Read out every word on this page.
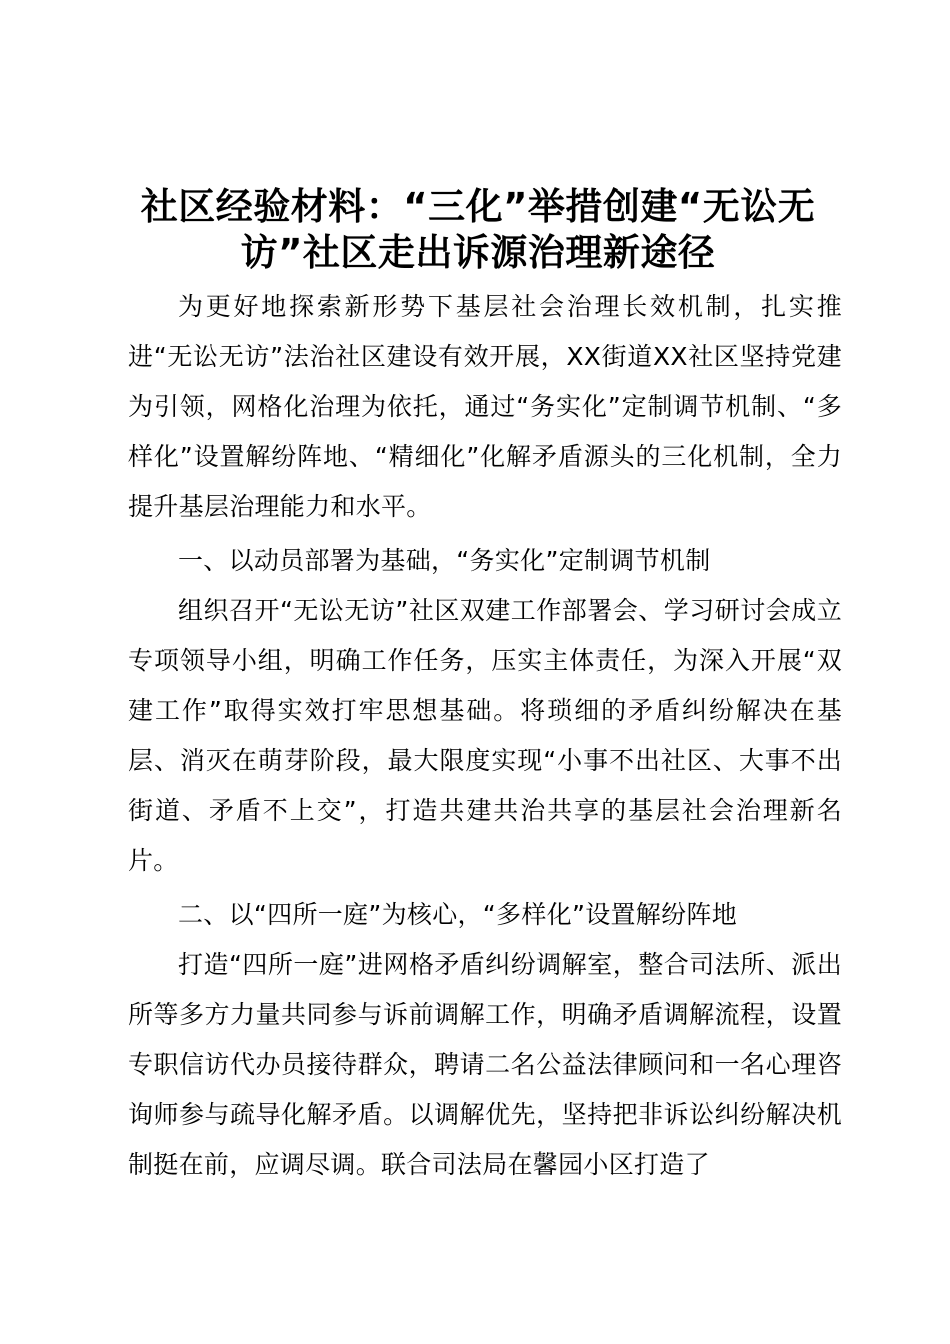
社区经验材料：“三化”举措创建“无讼无访”社区走出诉源治理新途径

为更好地探索新形势下基层社会治理长效机制，扎实推进“无讼无访”法治社区建设有效开展，XX街道XX社区坚持党建为引领，网格化治理为依托，通过“务实化”定制调节机制、“多样化”设置解纷阵地、“精细化”化解矛盾源头的三化机制，全力提升基层治理能力和水平。

一、以动员部署为基础，“务实化”定制调节机制

组织召开“无讼无访”社区双建工作部署会、学习研讨会成立专项领导小组，明确工作任务，压实主体责任，为深入开展“双建工作”取得实效打牢思想基础。将琐细的矛盾纠纷解决在基层、消灭在萌芽阶段，最大限度实现“小事不出社区、大事不出街道、矛盾不上交”，打造共建共治共享的基层社会治理新名片。

二、以“四所一庭”为核心，“多样化”设置解纷阵地

打造“四所一庭”进网格矛盾纠纷调解室，整合司法所、派出所等多方力量共同参与诉前调解工作，明确矛盾调解流程，设置专职信访代办员接待群众，聘请二名公益法律顾问和一名心理咨询师参与疏导化解矛盾。以调解优先，坚持把非诉讼纠纷解决机制挺在前，应调尽调。联合司法局在馨园小区打造了
